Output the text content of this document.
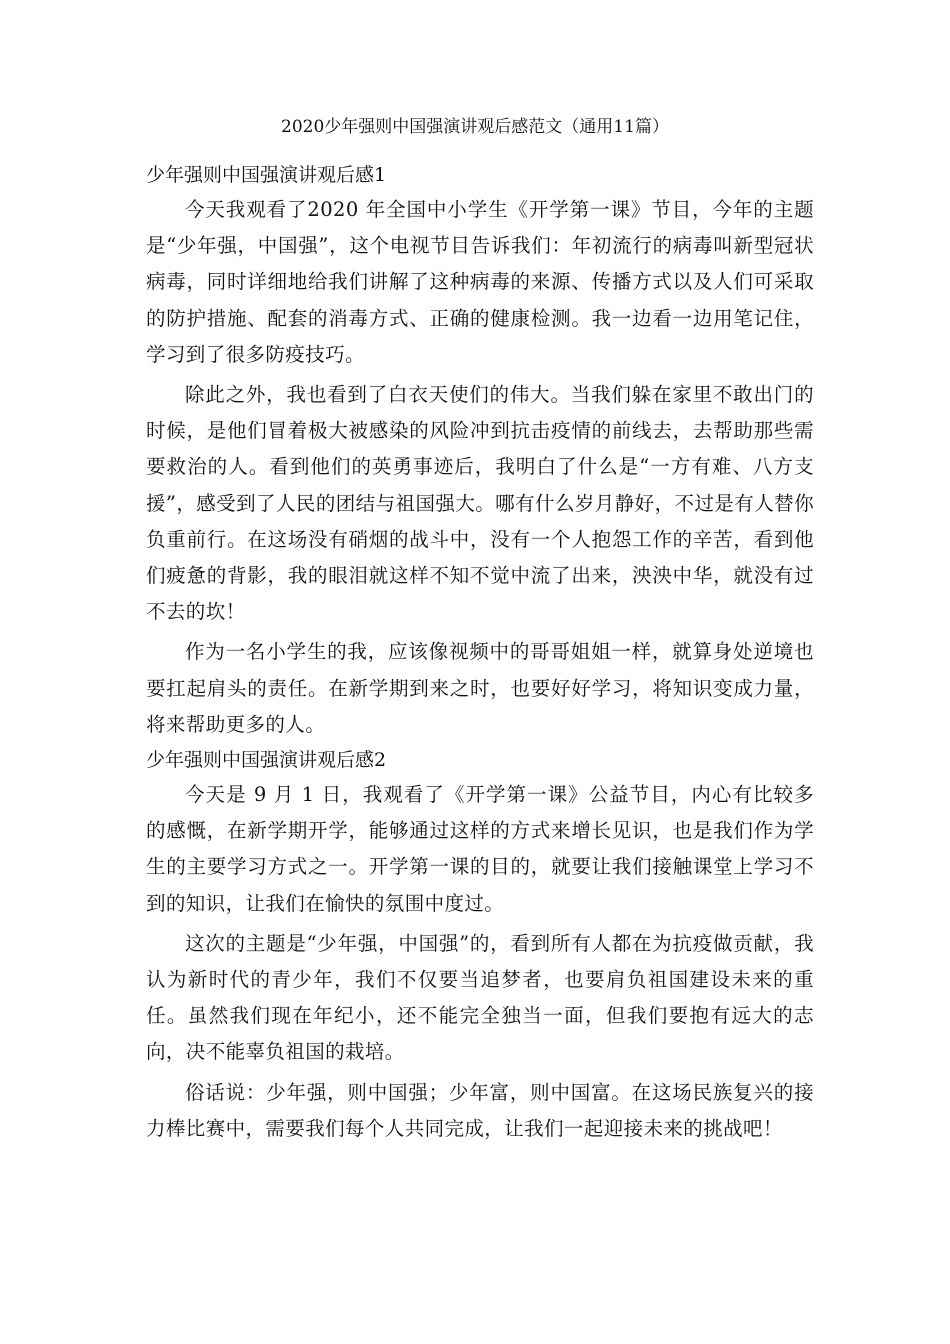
2020少年强则中国强演讲观后感范文（通用11篇）

少年强则中国强演讲观后感1

今天我观看了2020 年全国中小学生《开学第一课》节目，今年的主题是“少年强，中国强”，这个电视节目告诉我们：年初流行的病毒叫新型冠状病毒，同时详细地给我们讲解了这种病毒的来源、传播方式以及人们可采取的防护措施、配套的消毒方式、正确的健康检测。我一边看一边用笔记住，学习到了很多防疫技巧。

除此之外，我也看到了白衣天使们的伟大。当我们躲在家里不敢出门的时候，是他们冒着极大被感染的风险冲到抗击疫情的前线去，去帮助那些需要救治的人。看到他们的英勇事迹后，我明白了什么是“一方有难、八方支援”，感受到了人民的团结与祖国强大。哪有什么岁月静好，不过是有人替你负重前行。在这场没有硝烟的战斗中，没有一个人抱怨工作的辛苦，看到他们疲惫的背影，我的眼泪就这样不知不觉中流了出来，泱泱中华，就没有过不去的坎！

作为一名小学生的我，应该像视频中的哥哥姐姐一样，就算身处逆境也要扛起肩头的责任。在新学期到来之时，也要好好学习，将知识变成力量，将来帮助更多的人。

少年强则中国强演讲观后感2

今天是 9 月 1 日，我观看了《开学第一课》公益节目，内心有比较多的感慨，在新学期开学，能够通过这样的方式来增长见识，也是我们作为学生的主要学习方式之一。开学第一课的目的，就要让我们接触课堂上学习不到的知识，让我们在愉快的氛围中度过。

这次的主题是“少年强，中国强”的，看到所有人都在为抗疫做贡献，我认为新时代的青少年，我们不仅要当追梦者，也要肩负祖国建设未来的重任。虽然我们现在年纪小，还不能完全独当一面，但我们要抱有远大的志向，决不能辜负祖国的栽培。

俗话说：少年强，则中国强；少年富，则中国富。在这场民族复兴的接力棒比赛中，需要我们每个人共同完成，让我们一起迎接未来的挑战吧！
